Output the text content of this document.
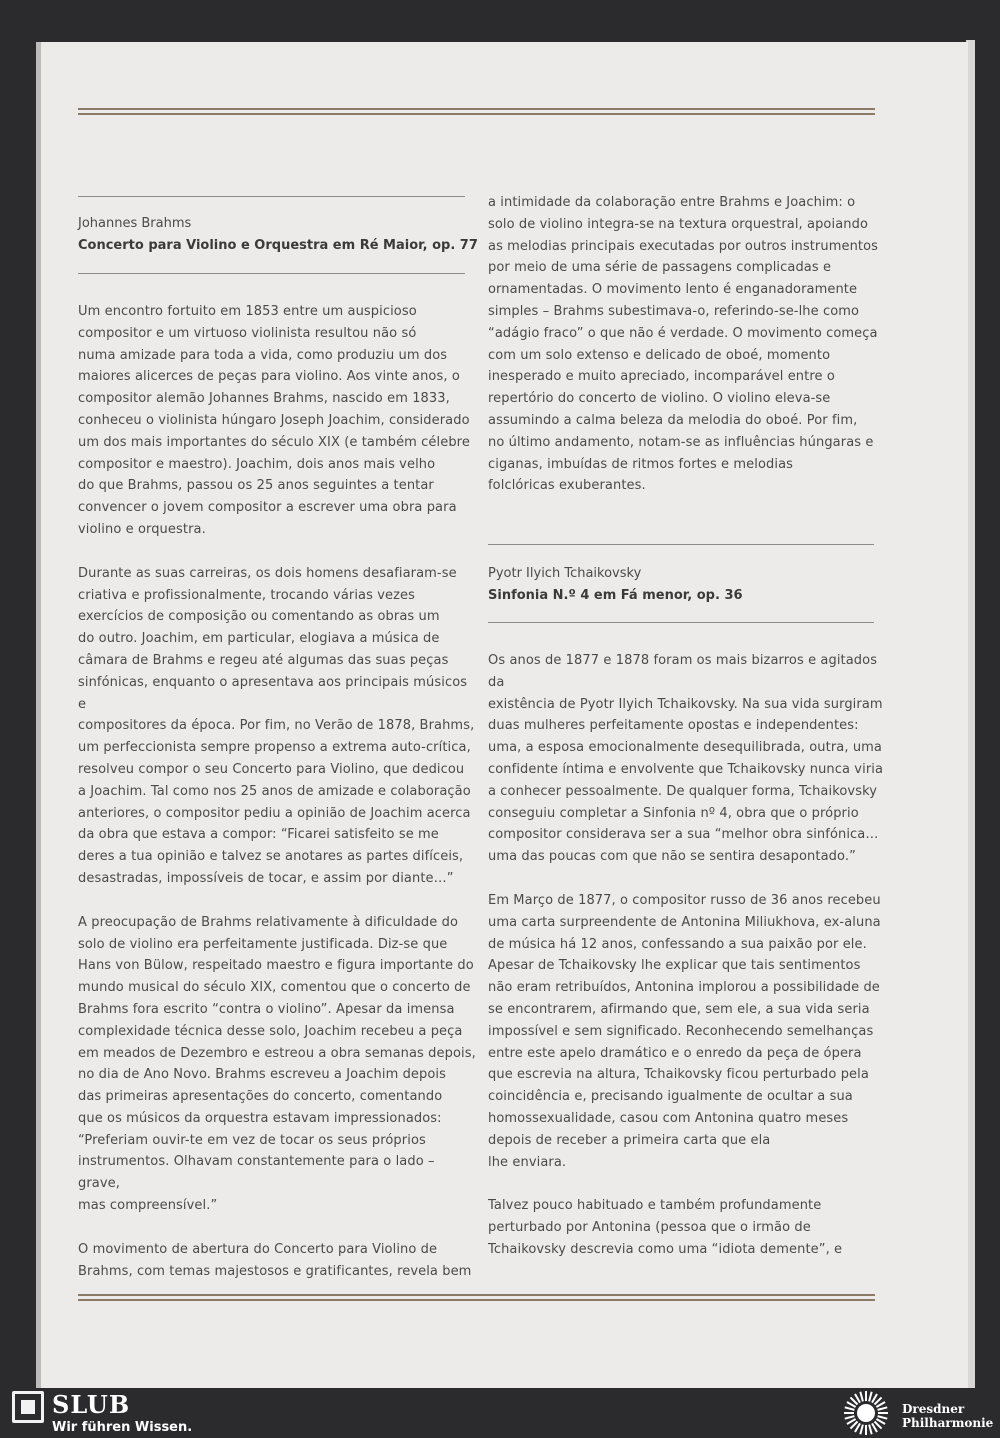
Johannes Brahms
Concerto para Violino e Orquestra em Ré Maior, op. 77

Um encontro fortuito em 1853 entre um auspicioso
compositor e um virtuoso violinista resultou não só
numa amizade para toda a vida, como produziu um dos
maiores alicerces de peças para violino. Aos vinte anos, o
compositor alemão Johannes Brahms, nascido em 1833,
conheceu o violinista húngaro Joseph Joachim, considerado
um dos mais importantes do século XIX (e também célebre
compositor e maestro). Joachim, dois anos mais velho
do que Brahms, passou os 25 anos seguintes a tentar
convencer o jovem compositor a escrever uma obra para
violino e orquestra.

Durante as suas carreiras, os dois homens desafiaram-se
criativa e profissionalmente, trocando várias vezes
exercícios de composição ou comentando as obras um
do outro. Joachim, em particular, elogiava a música de
câmara de Brahms e regeu até algumas das suas peças
sinfónicas, enquanto o apresentava aos principais músicos e
compositores da época. Por fim, no Verão de 1878, Brahms,
um perfeccionista sempre propenso a extrema auto-crítica,
resolveu compor o seu Concerto para Violino, que dedicou
a Joachim. Tal como nos 25 anos de amizade e colaboração
anteriores, o compositor pediu a opinião de Joachim acerca
da obra que estava a compor: “Ficarei satisfeito se me
deres a tua opinião e talvez se anotares as partes difíceis,
desastradas, impossíveis de tocar, e assim por diante…”

A preocupação de Brahms relativamente à dificuldade do
solo de violino era perfeitamente justificada. Diz-se que
Hans von Bülow, respeitado maestro e figura importante do
mundo musical do século XIX, comentou que o concerto de
Brahms fora escrito “contra o violino”. Apesar da imensa
complexidade técnica desse solo, Joachim recebeu a peça
em meados de Dezembro e estreou a obra semanas depois,
no dia de Ano Novo. Brahms escreveu a Joachim depois
das primeiras apresentações do concerto, comentando
que os músicos da orquestra estavam impressionados:
“Preferiam ouvir-te em vez de tocar os seus próprios
instrumentos. Olhavam constantemente para o lado – grave,
mas compreensível.”

O movimento de abertura do Concerto para Violino de
Brahms, com temas majestosos e gratificantes, revela bem

a intimidade da colaboração entre Brahms e Joachim: o
solo de violino integra-se na textura orquestral, apoiando
as melodias principais executadas por outros instrumentos
por meio de uma série de passagens complicadas e
ornamentadas. O movimento lento é enganadoramente
simples – Brahms subestimava-o, referindo-se-lhe como
“adágio fraco” o que não é verdade. O movimento começa
com um solo extenso e delicado de oboé, momento
inesperado e muito apreciado, incomparável entre o
repertório do concerto de violino. O violino eleva-se
assumindo a calma beleza da melodia do oboé. Por fim,
no último andamento, notam-se as influências húngaras e
ciganas, imbuídas de ritmos fortes e melodias
folclóricas exuberantes.
Pyotr Ilyich Tchaikovsky
Sinfonia N.º 4 em Fá menor, op. 36

Os anos de 1877 e 1878 foram os mais bizarros e agitados da
existência de Pyotr Ilyich Tchaikovsky. Na sua vida surgiram
duas mulheres perfeitamente opostas e independentes:
uma, a esposa emocionalmente desequilibrada, outra, uma
confidente íntima e envolvente que Tchaikovsky nunca viria
a conhecer pessoalmente. De qualquer forma, Tchaikovsky
conseguiu completar a Sinfonia nº 4, obra que o próprio
compositor considerava ser a sua “melhor obra sinfónica…
uma das poucas com que não se sentira desapontado.”

Em Março de 1877, o compositor russo de 36 anos recebeu
uma carta surpreendente de Antonina Miliukhova, ex-aluna
de música há 12 anos, confessando a sua paixão por ele.
Apesar de Tchaikovsky lhe explicar que tais sentimentos
não eram retribuídos, Antonina implorou a possibilidade de
se encontrarem, afirmando que, sem ele, a sua vida seria
impossível e sem significado. Reconhecendo semelhanças
entre este apelo dramático e o enredo da peça de ópera
que escrevia na altura, Tchaikovsky ficou perturbado pela
coincidência e, precisando igualmente de ocultar a sua
homossexualidade, casou com Antonina quatro meses
depois de receber a primeira carta que ela
lhe enviara.

Talvez pouco habituado e também profundamente
perturbado por Antonina (pessoa que o irmão de
Tchaikovsky descrevia como uma “idiota demente”, e

SLUB
Wir führen Wissen.
Dresdner
Philharmonie
